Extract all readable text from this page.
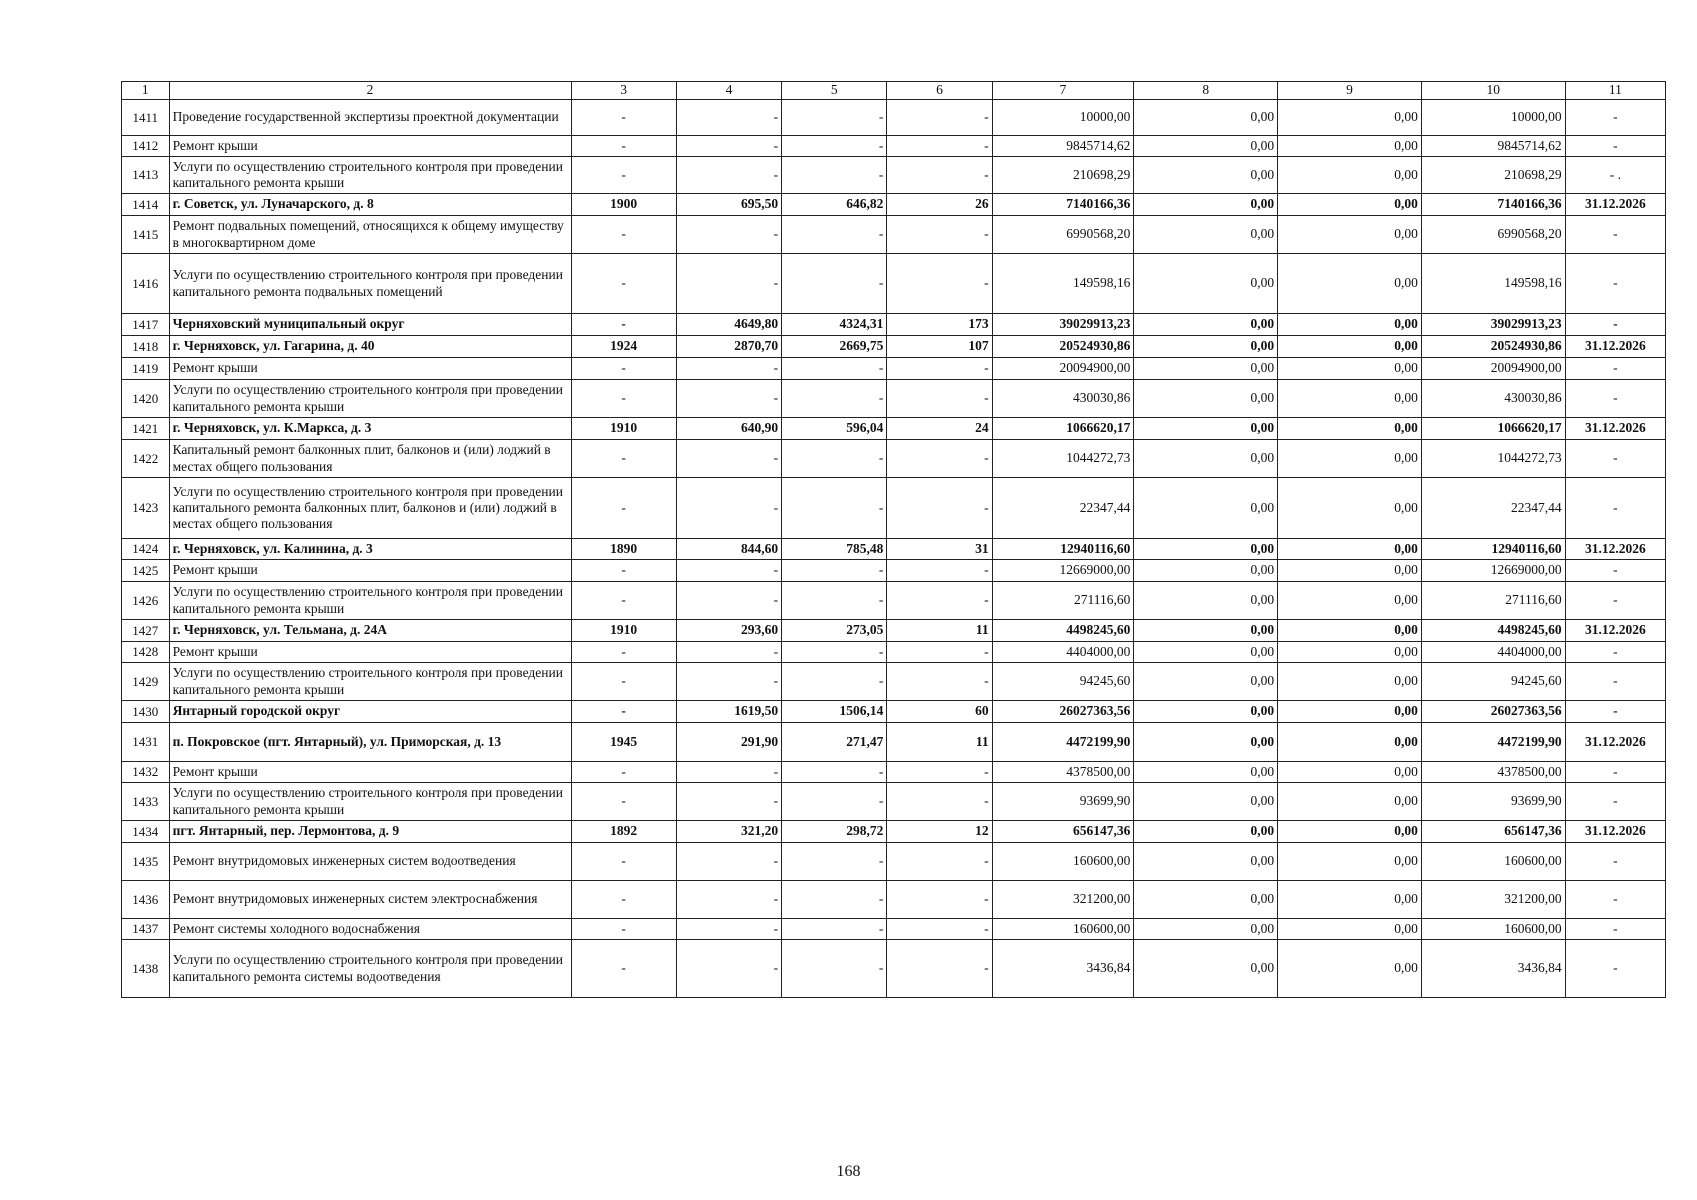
1	2	3	4	5	6	7	8	9	10	11
1411	Проведение государственной экспертизы проектной документации	-	-	-	-	10000,00	0,00	0,00	10000,00	-
1412	Ремонт крыши	-	-	-	-	9845714,62	0,00	0,00	9845714,62	-
1413	Услуги по осуществлению строительного контроля при проведении капитального ремонта крыши	-	-	-	-	210698,29	0,00	0,00	210698,29	- .
1414	г. Советск, ул. Луначарского, д. 8	1900	695,50	646,82	26	7140166,36	0,00	0,00	7140166,36	31.12.2026
1415	Ремонт подвальных помещений, относящихся к общему имуществу в многоквартирном доме	-	-	-	-	6990568,20	0,00	0,00	6990568,20	-
1416	Услуги по осуществлению строительного контроля при проведении капитального ремонта подвальных помещений	-	-	-	-	149598,16	0,00	0,00	149598,16	-
1417	Черняховский муниципальный округ	-	4649,80	4324,31	173	39029913,23	0,00	0,00	39029913,23	-
1418	г. Черняховск, ул. Гагарина, д. 40	1924	2870,70	2669,75	107	20524930,86	0,00	0,00	20524930,86	31.12.2026
1419	Ремонт крыши	-	-	-	-	20094900,00	0,00	0,00	20094900,00	-
1420	Услуги по осуществлению строительного контроля при проведении капитального ремонта крыши	-	-	-	-	430030,86	0,00	0,00	430030,86	-
1421	г. Черняховск, ул. К.Маркса, д. 3	1910	640,90	596,04	24	1066620,17	0,00	0,00	1066620,17	31.12.2026
1422	Капитальный ремонт балконных плит, балконов и (или) лоджий в местах общего пользования	-	-	-	-	1044272,73	0,00	0,00	1044272,73	-
1423	Услуги по осуществлению строительного контроля при проведении капитального ремонта балконных плит, балконов и (или) лоджий в местах общего пользования	-	-	-	-	22347,44	0,00	0,00	22347,44	-
1424	г. Черняховск, ул. Калинина, д. 3	1890	844,60	785,48	31	12940116,60	0,00	0,00	12940116,60	31.12.2026
1425	Ремонт крыши	-	-	-	-	12669000,00	0,00	0,00	12669000,00	-
1426	Услуги по осуществлению строительного контроля при проведении капитального ремонта крыши	-	-	-	-	271116,60	0,00	0,00	271116,60	-
1427	г. Черняховск, ул. Тельмана, д. 24А	1910	293,60	273,05	11	4498245,60	0,00	0,00	4498245,60	31.12.2026
1428	Ремонт крыши	-	-	-	-	4404000,00	0,00	0,00	4404000,00	-
1429	Услуги по осуществлению строительного контроля при проведении капитального ремонта крыши	-	-	-	-	94245,60	0,00	0,00	94245,60	-
1430	Янтарный городской округ	-	1619,50	1506,14	60	26027363,56	0,00	0,00	26027363,56	-
1431	п. Покровское (пгт. Янтарный), ул. Приморская, д. 13	1945	291,90	271,47	11	4472199,90	0,00	0,00	4472199,90	31.12.2026
1432	Ремонт крыши	-	-	-	-	4378500,00	0,00	0,00	4378500,00	-
1433	Услуги по осуществлению строительного контроля при проведении капитального ремонта крыши	-	-	-	-	93699,90	0,00	0,00	93699,90	-
1434	пгт. Янтарный, пер. Лермонтова, д. 9	1892	321,20	298,72	12	656147,36	0,00	0,00	656147,36	31.12.2026
1435	Ремонт внутридомовых инженерных систем водоотведения	-	-	-	-	160600,00	0,00	0,00	160600,00	-
1436	Ремонт внутридомовых инженерных систем электроснабжения	-	-	-	-	321200,00	0,00	0,00	321200,00	-
1437	Ремонт системы холодного водоснабжения	-	-	-	-	160600,00	0,00	0,00	160600,00	-
1438	Услуги по осуществлению строительного контроля при проведении капитального ремонта системы водоотведения	-	-	-	-	3436,84	0,00	0,00	3436,84	-
168
